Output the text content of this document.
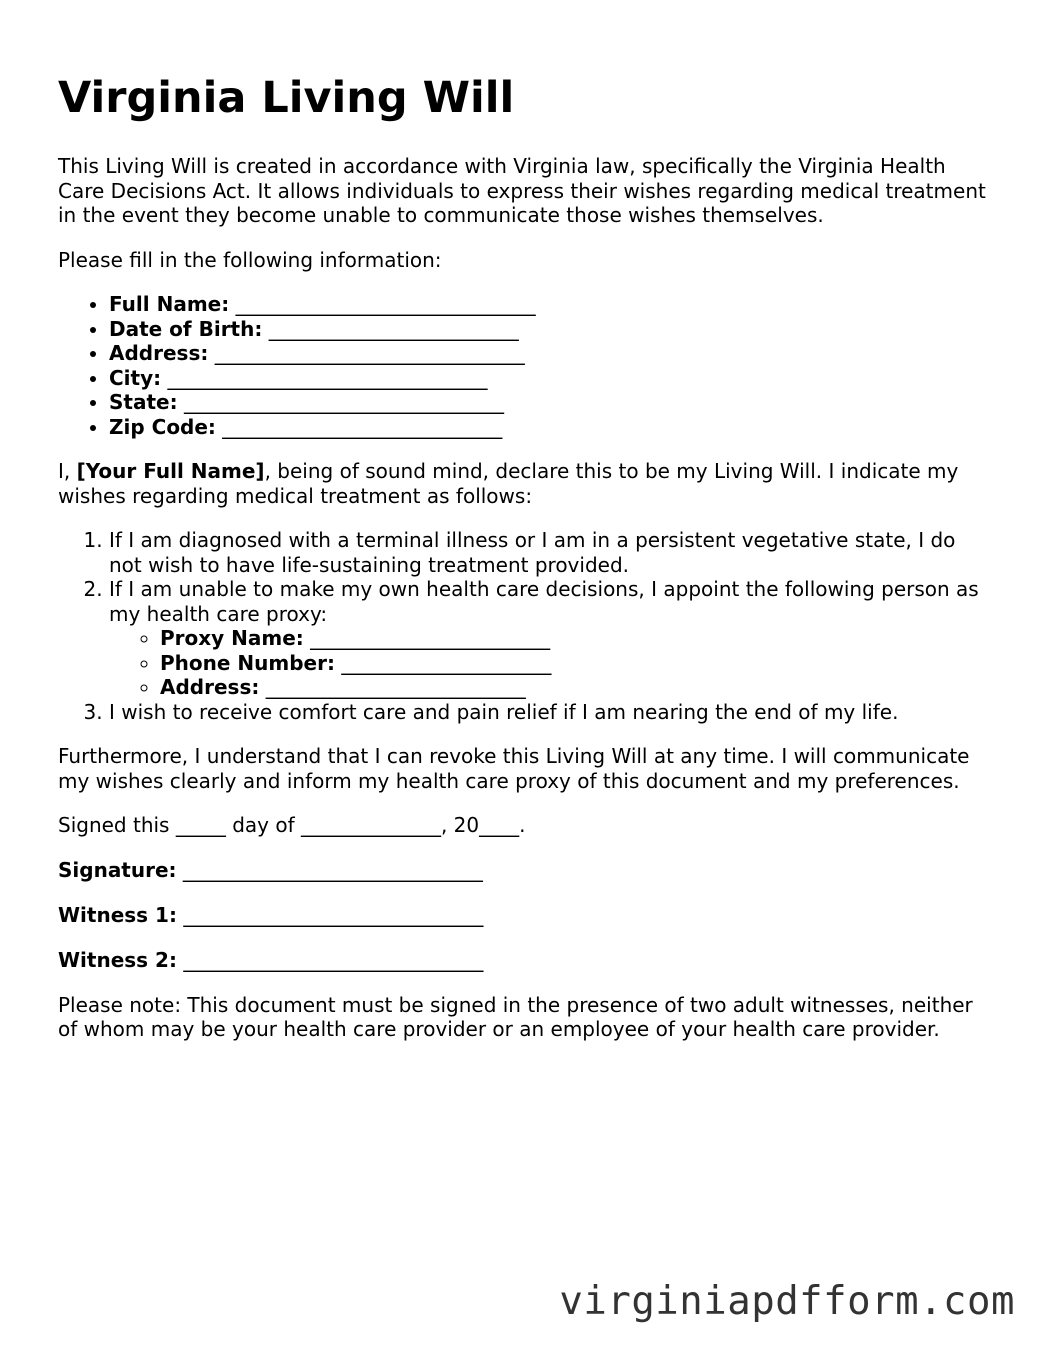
Virginia Living Will

This Living Will is created in accordance with Virginia law, specifically the Virginia Health Care Decisions Act. It allows individuals to express their wishes regarding medical treatment in the event they become unable to communicate those wishes themselves.

Please fill in the following information:

• Full Name: ______________________________
• Date of Birth: _________________________
• Address: _______________________________
• City: ________________________________
• State: ________________________________
• Zip Code: ____________________________

I, [Your Full Name], being of sound mind, declare this to be my Living Will. I indicate my wishes regarding medical treatment as follows:

1. If I am diagnosed with a terminal illness or I am in a persistent vegetative state, I do not wish to have life-sustaining treatment provided.
2. If I am unable to make my own health care decisions, I appoint the following person as my health care proxy:
◦ Proxy Name: ________________________
◦ Phone Number: _____________________
◦ Address: __________________________
3. I wish to receive comfort care and pain relief if I am nearing the end of my life.

Furthermore, I understand that I can revoke this Living Will at any time. I will communicate my wishes clearly and inform my health care proxy of this document and my preferences.

Signed this _____ day of ______________, 20____.

Signature: ______________________________

Witness 1: ______________________________

Witness 2: ______________________________

Please note: This document must be signed in the presence of two adult witnesses, neither of whom may be your health care provider or an employee of your health care provider.

virginiapdfform.com
